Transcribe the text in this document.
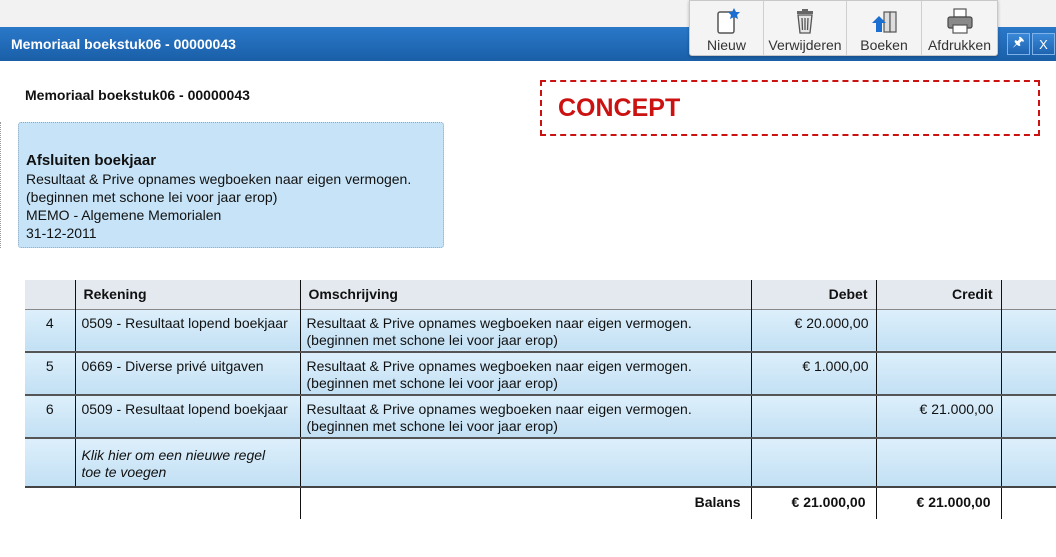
Memoriaal boekstuk06 - 00000043	Nieuw Verwijderen Boeken Afdrukken 🖈 X
Memoriaal boekstuk06 - 00000043	CONCEPT
Afsluiten boekjaar
Resultaat & Prive opnames wegboeken naar eigen vermogen.
(beginnen met schone lei voor jaar erop)
MEMO - Algemene Memorialen
31-12-2011
	Rekening	Omschrijving	Debet	Credit	
4	0509 - Resultaat lopend boekjaar	Resultaat & Prive opnames wegboeken naar eigen vermogen.
(beginnen met schone lei voor jaar erop)	€ 20.000,00		
5	0669 - Diverse privé uitgaven	Resultaat & Prive opnames wegboeken naar eigen vermogen.
(beginnen met schone lei voor jaar erop)	€ 1.000,00		
6	0509 - Resultaat lopend boekjaar	Resultaat & Prive opnames wegboeken naar eigen vermogen.
(beginnen met schone lei voor jaar erop)		€ 21.000,00	

	Klik hier om een nieuwe regel
toe te voegen				

		Balans	€ 21.000,00	€ 21.000,00	
